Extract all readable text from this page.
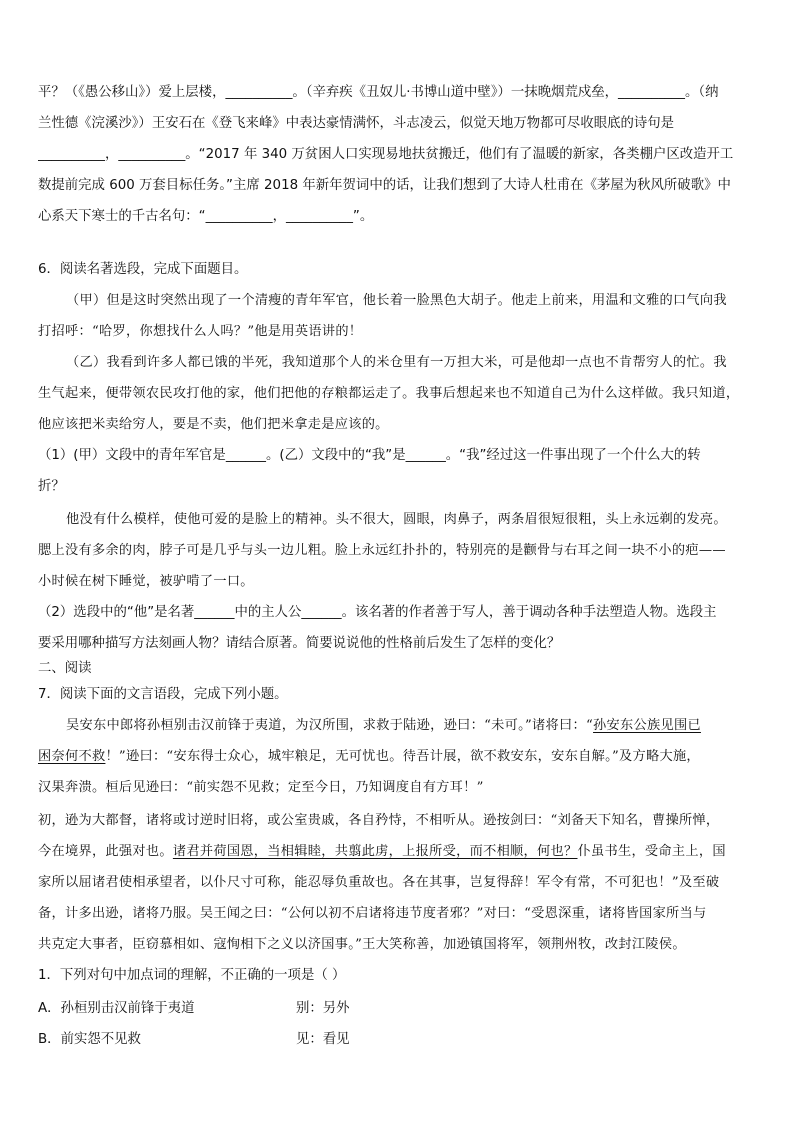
平？（《愚公移山》）爱上层楼，__________。（辛弃疾《丑奴儿·书博山道中壁》）一抹晚烟荒戍垒，__________。（纳
兰性德《浣溪沙》）王安石在《登飞来峰》中表达豪情满怀，斗志凌云，似觉天地万物都可尽收眼底的诗句是
__________，__________。“2017 年 340 万贫困人口实现易地扶贫搬迁，他们有了温暖的新家，各类棚户区改造开工
数提前完成 600 万套目标任务。”主席 2018 年新年贺词中的话，让我们想到了大诗人杜甫在《茅屋为秋风所破歌》中
心系天下寒士的千古名句：“__________，__________”。
6．阅读名著选段，完成下面题目。
（甲）但是这时突然出现了一个清瘦的青年军官，他长着一脸黑色大胡子。他走上前来，用温和文雅的口气向我
打招呼：“哈罗，你想找什么人吗？”他是用英语讲的！
（乙）我看到许多人都已饿的半死，我知道那个人的米仓里有一万担大米，可是他却一点也不肯帮穷人的忙。我
生气起来，便带领农民攻打他的家，他们把他的存粮都运走了。我事后想起来也不知道自己为什么这样做。我只知道，
他应该把米卖给穷人，要是不卖，他们把米拿走是应该的。
（1）(甲）文段中的青年军官是______。(乙）文段中的“我”是______。“我”经过这一件事出现了一个什么大的转
折？
他没有什么模样，使他可爱的是脸上的精神。头不很大，圆眼，肉鼻子，两条眉很短很粗，头上永远剃的发亮。
腮上没有多余的肉，脖子可是几乎与头一边儿粗。脸上永远红扑扑的，特别亮的是颧骨与右耳之间一块不小的疤——
小时候在树下睡觉，被驴啃了一口。
（2）选段中的“他”是名著______中的主人公______。该名著的作者善于写人，善于调动各种手法塑造人物。选段主
要采用哪种描写方法刻画人物？请结合原著。简要说说他的性格前后发生了怎样的变化？
二、阅读
7．阅读下面的文言语段，完成下列小题。
吴安东中郎将孙桓别击汉前锋于夷道，为汉所围，求救于陆逊，逊曰：“未可。”诸将曰：“孙安东公族见围已
困奈何不救！”逊曰：“安东得士众心，城牢粮足，无可忧也。待吾计展，欲不救安东，安东自解。”及方略大施，
汉果奔溃。桓后见逊曰：“前实怨不见救；定至今日，乃知调度自有方耳！”
初，逊为大都督，诸将或讨逆时旧将，或公室贵戚，各自矜恃，不相听从。逊按剑曰：“刘备天下知名，曹操所惮，
今在境界，此强对也。诸君并荷国恩，当相辑睦，共翦此虏，上报所受，而不相顺，何也？仆虽书生，受命主上，国
家所以屈诸君使相承望者，以仆尺寸可称，能忍辱负重故也。各在其事，岂复得辞！军令有常，不可犯也！”及至破
备，计多出逊，诸将乃服。吴王闻之曰：“公何以初不启诸将违节度者邪？”对曰：“受恩深重，诸将皆国家所当与
共克定大事者，臣窃慕相如、寇恂相下之义以济国事。”王大笑称善，加逊镇国将军，领荆州牧，改封江陵侯。
1．下列对句中加点词的理解，不正确的一项是（ ）
A．孙桓别击汉前锋于夷道	别：另外
B．前实怨不见救	见：看见
